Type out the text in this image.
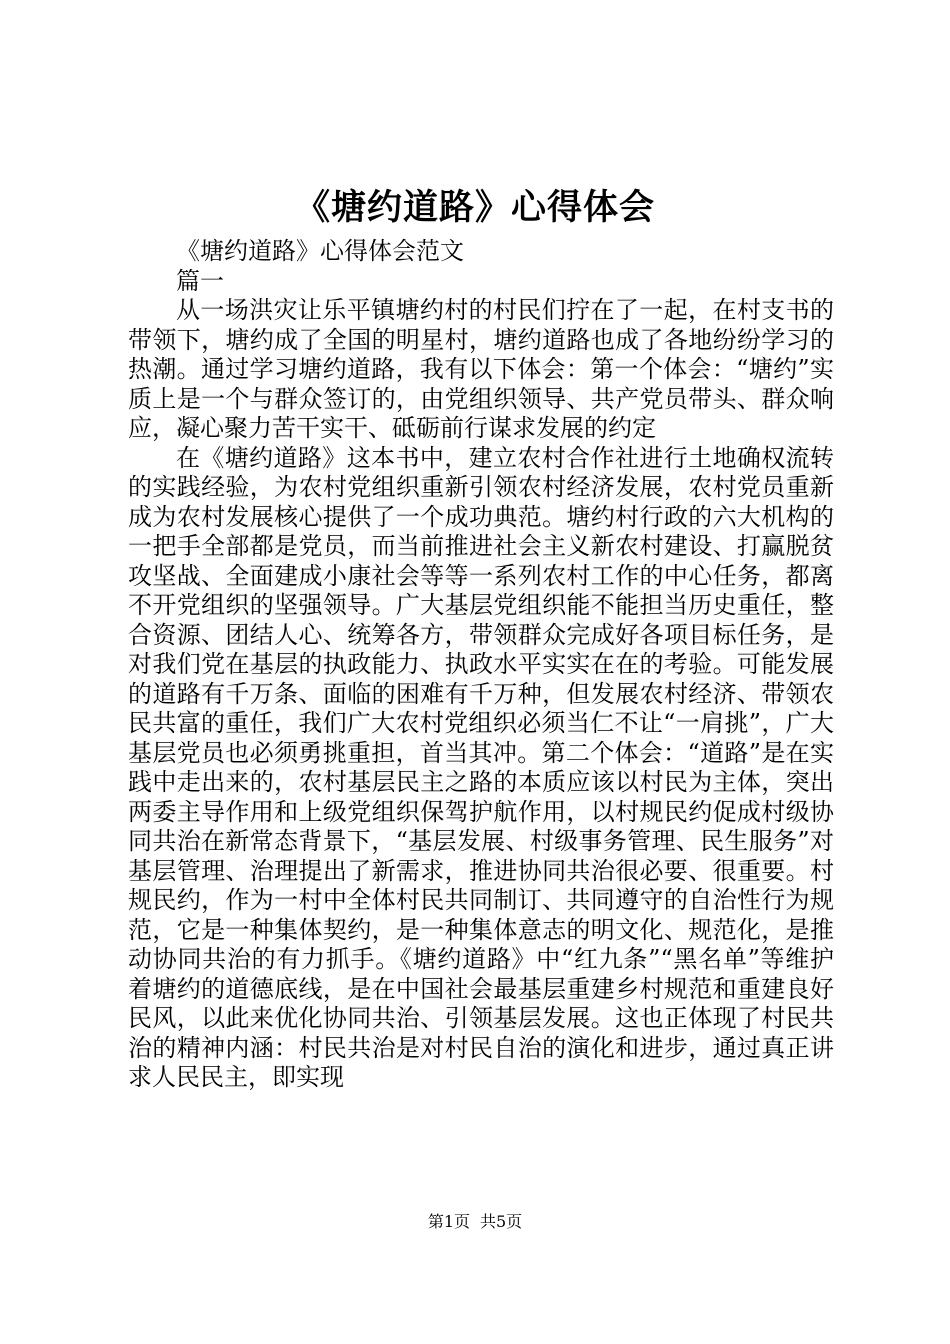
《塘约道路》心得体会

《塘约道路》心得体会范文

篇一

从一场洪灾让乐平镇塘约村的村民们拧在了一起，在村支书的带领下，塘约成了全国的明星村，塘约道路也成了各地纷纷学习的热潮。通过学习塘约道路，我有以下体会：第一个体会：“塘约”实质上是一个与群众签订的，由党组织领导、共产党员带头、群众响应，凝心聚力苦干实干、砥砺前行谋求发展的约定

在《塘约道路》这本书中，建立农村合作社进行土地确权流转的实践经验，为农村党组织重新引领农村经济发展，农村党员重新成为农村发展核心提供了一个成功典范。塘约村行政的六大机构的一把手全部都是党员，而当前推进社会主义新农村建设、打赢脱贫攻坚战、全面建成小康社会等等一系列农村工作的中心任务，都离不开党组织的坚强领导。广大基层党组织能不能担当历史重任，整合资源、团结人心、统筹各方，带领群众完成好各项目标任务，是对我们党在基层的执政能力、执政水平实实在在的考验。可能发展的道路有千万条、面临的困难有千万种，但发展农村经济、带领农民共富的重任，我们广大农村党组织必须当仁不让“一肩挑”，广大基层党员也必须勇挑重担，首当其冲。第二个体会：“道路”是在实践中走出来的，农村基层民主之路的本质应该以村民为主体，突出两委主导作用和上级党组织保驾护航作用，以村规民约促成村级协同共治在新常态背景下，“基层发展、村级事务管理、民生服务”对基层管理、治理提出了新需求，推进协同共治很必要、很重要。村规民约，作为一村中全体村民共同制订、共同遵守的自治性行为规范，它是一种集体契约，是一种集体意志的明文化、规范化，是推动协同共治的有力抓手。《塘约道路》中“红九条”“黑名单”等维护着塘约的道德底线，是在中国社会最基层重建乡村规范和重建良好民风，以此来优化协同共治、引领基层发展。这也正体现了村民共治的精神内涵：村民共治是对村民自治的演化和进步，通过真正讲求人民民主，即实现

第1页 共5页
